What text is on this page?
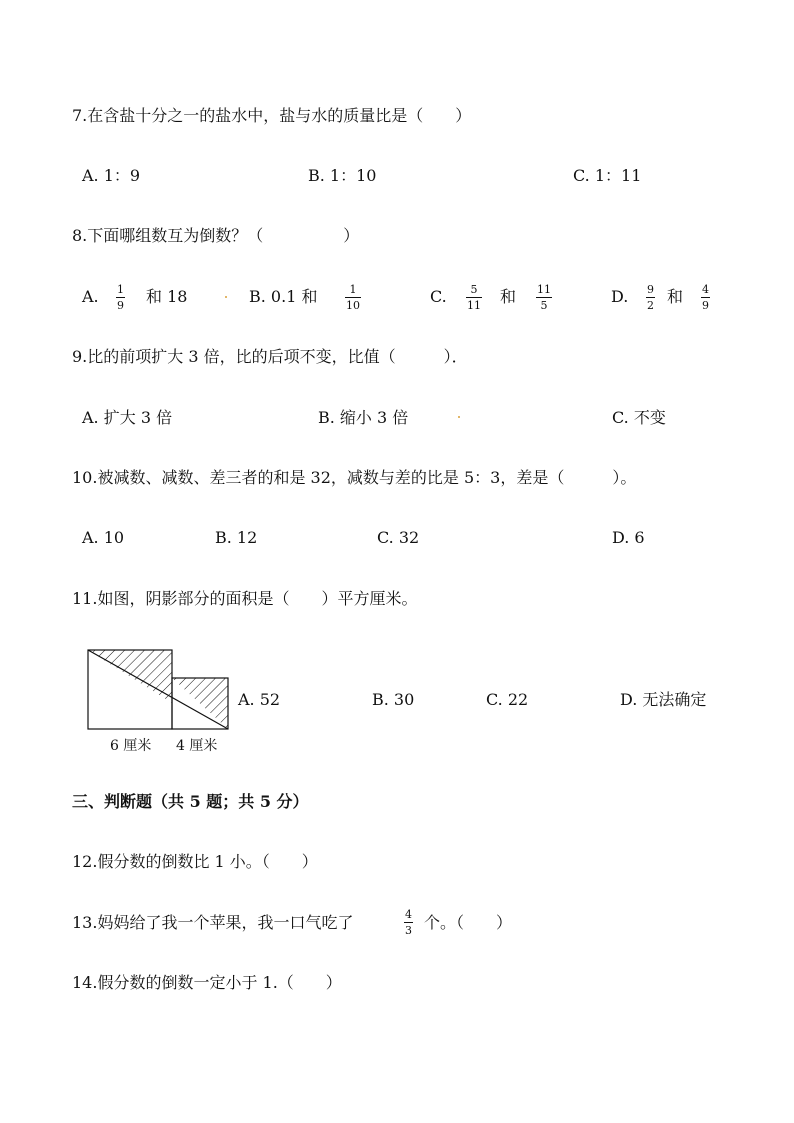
7.在含盐十分之一的盐水中，盐与水的质量比是（　　）
A. 1：9	B. 1：10	C. 1：11
8.下面哪组数互为倒数？（　　　　　）
A. 1
9 和 18	B. 0.1 和	1
10	C. 5
11 和 11
5	D. 9
2 和 4
9
9.比的前项扩大 3 倍，比的后项不变，比值（　　　）．
A. 扩大 3 倍	B. 缩小 3 倍	C. 不变
10.被减数、减数、差三者的和是 32，减数与差的比是 5：3，差是（　　　）。
A. 10	B. 12	C. 32	D. 6
11.如图，阴影部分的面积是（　　）平方厘米。
6 厘米 4 厘米
A. 52	B. 30	C. 22	D. 无法确定
三、判断题（共 5 题；共 5 分）
12.假分数的倒数比 1 小。（　　）
13.妈妈给了我一个苹果，我一口气吃了	4
3 个。（　　）
14.假分数的倒数一定小于 1.（　　）
